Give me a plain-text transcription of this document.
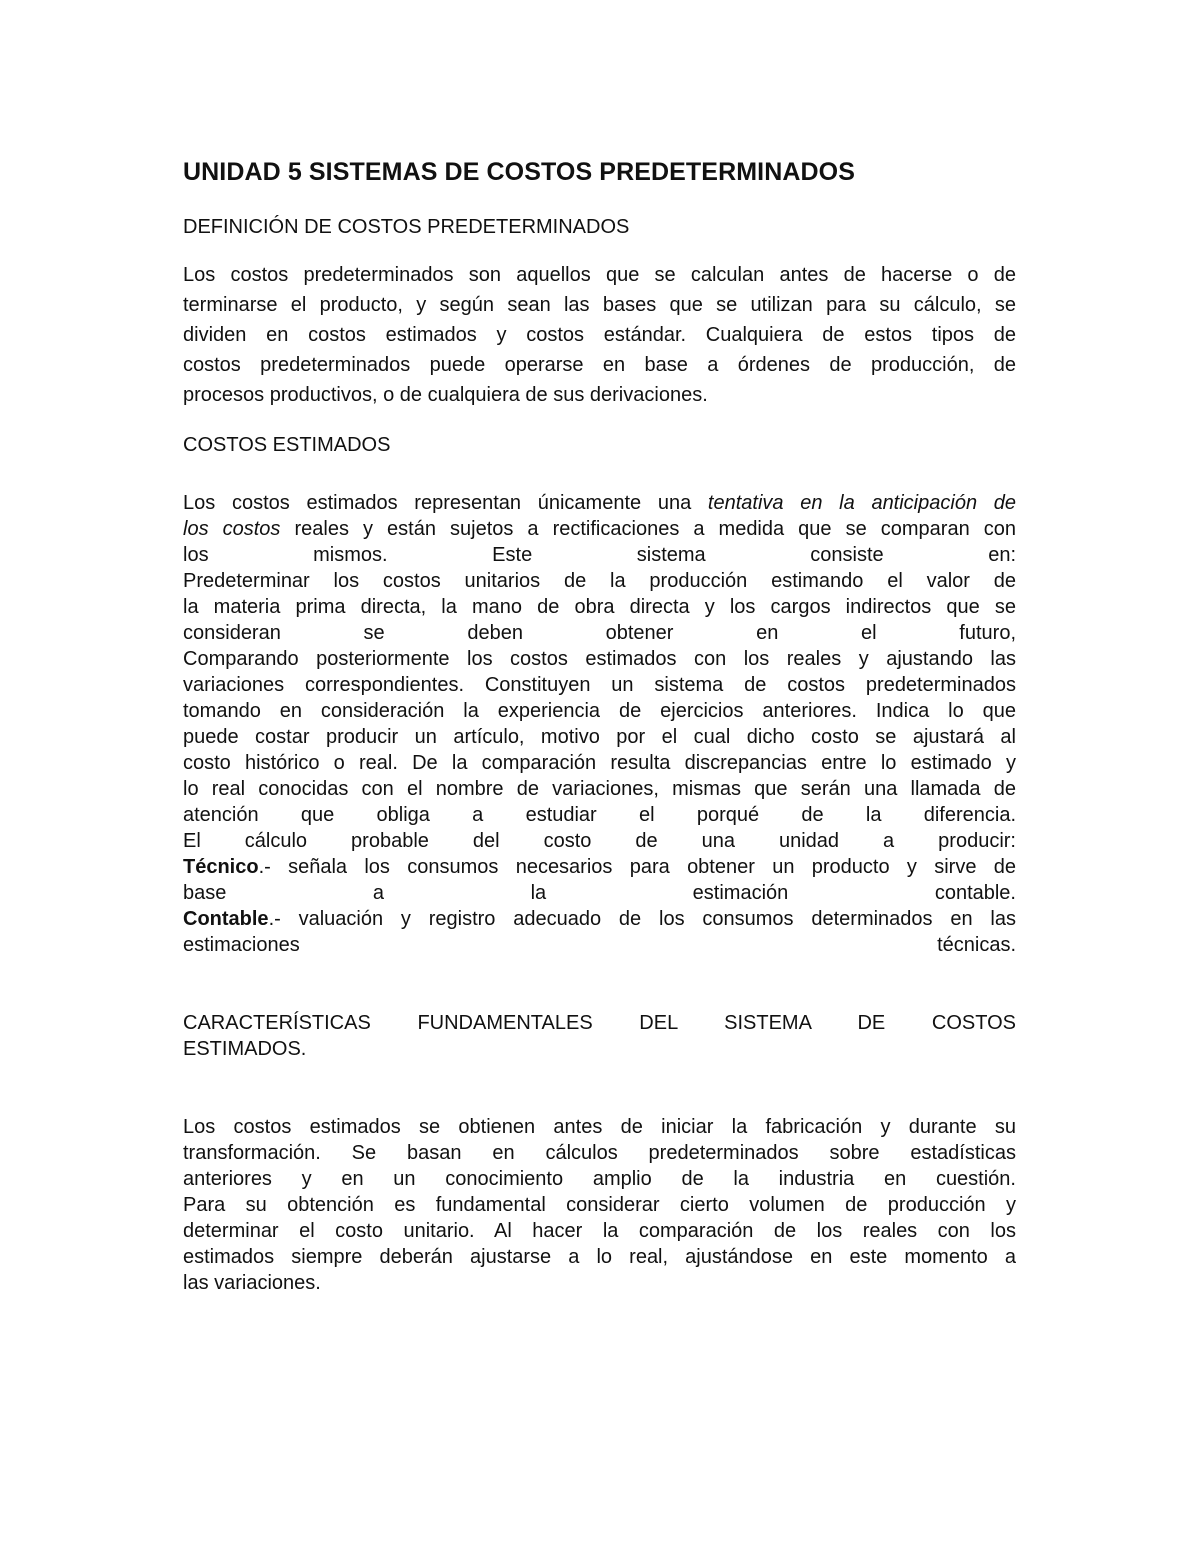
UNIDAD 5 SISTEMAS DE COSTOS PREDETERMINADOS
DEFINICIÓN DE COSTOS PREDETERMINADOS

Los costos predeterminados son aquellos que se calculan antes de hacerse o de
terminarse el producto, y según sean las bases que se utilizan para su cálculo, se
dividen en costos estimados y costos estándar. Cualquiera de estos tipos de
costos predeterminados puede operarse en base a órdenes de producción, de
procesos productivos, o de cualquiera de sus derivaciones.

COSTOS ESTIMADOS

Los costos estimados representan únicamente una tentativa en la anticipación de
los costos reales y están sujetos a rectificaciones a medida que se comparan con
los mismos. Este sistema consiste en:
Predeterminar los costos unitarios de la producción estimando el valor de
la materia prima directa, la mano de obra directa y los cargos indirectos que se
consideran se deben obtener en el futuro,
Comparando posteriormente los costos estimados con los reales y ajustando las
variaciones correspondientes. Constituyen un sistema de costos predeterminados
tomando en consideración la experiencia de ejercicios anteriores. Indica lo que
puede costar producir un artículo, motivo por el cual dicho costo se ajustará al
costo histórico o real. De la comparación resulta discrepancias entre lo estimado y
lo real conocidas con el nombre de variaciones, mismas que serán una llamada de
atención que obliga a estudiar el porqué de la diferencia.
El cálculo probable del costo de una unidad a producir:
Técnico.- señala los consumos necesarios para obtener un producto y sirve de
base a la estimación contable.
Contable.- valuación y registro adecuado de los consumos determinados en las
estimaciones técnicas.

CARACTERÍSTICAS FUNDAMENTALES DEL SISTEMA DE COSTOS
ESTIMADOS.

Los costos estimados se obtienen antes de iniciar la fabricación y durante su
transformación. Se basan en cálculos predeterminados sobre estadísticas
anteriores y en un conocimiento amplio de la industria en cuestión.
Para su obtención es fundamental considerar cierto volumen de producción y
determinar el costo unitario. Al hacer la comparación de los reales con los
estimados siempre deberán ajustarse a lo real, ajustándose en este momento a
las variaciones.
